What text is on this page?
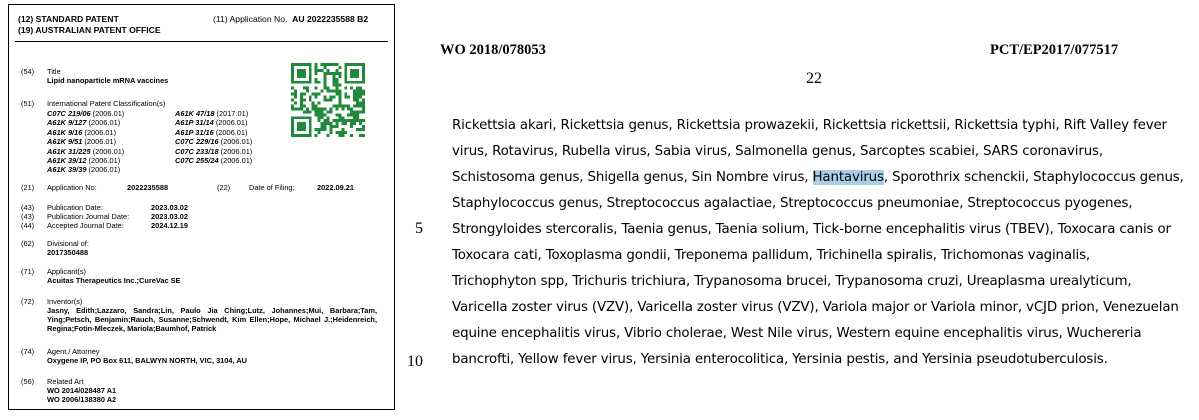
(12) STANDARD PATENT
(19) AUSTRALIAN PATENT OFFICE
(11) Application No. AU 2022235588 B2
(54) Title
Lipid nanoparticle mRNA vaccines
(51) International Patent Classification(s)
C07C 219/06 (2006.01)	A61K 47/18 (2017.01)
A61K 9/127 (2006.01)	A61P 31/14 (2006.01)
A61K 9/16 (2006.01)	A61P 31/16 (2006.01)
A61K 9/51 (2006.01)	C07C 229/16 (2006.01)
A61K 31/225 (2006.01)	C07C 233/18 (2006.01)
A61K 39/12 (2006.01)	C07C 255/24 (2006.01)
A61K 39/39 (2006.01)
(21) Application No:	2022235588	(22)	Date of Filing:	2022.09.21
(43) Publication Date:	2023.03.02
(43) Publication Journal Date:	2023.03.02
(44) Accepted Journal Date:	2024.12.19
(62) Divisional of:
2017350488
(71) Applicant(s)
Acuitas Therapeutics Inc.;CureVac SE
(72) Inventor(s)
Jasny, Edith;Lazzaro, Sandra;Lin, Paulo Jia Ching;Lutz, Johannes;Mui, Barbara;Tam, Ying;Petsch, Benjamin;Rauch, Susanne;Schwendt, Kim Ellen;Hope, Michael J.;Heidenreich, Regina;Fotin-Mleczek, Mariola;Baumhof, Patrick
(74) Agent / Attorney
Oxygene IP, PO Box 611, BALWYN NORTH, VIC, 3104, AU
(56) Related Art
WO 2014/028487 A1
WO 2006/138380 A2
WO 2018/078053	PCT/EP2017/077517
22
5
10
Rickettsia akari, Rickettsia genus, Rickettsia prowazekii, Rickettsia rickettsii, Rickettsia typhi, Rift Valley fever
virus, Rotavirus, Rubella virus, Sabia virus, Salmonella genus, Sarcoptes scabiei, SARS coronavirus,
Schistosoma genus, Shigella genus, Sin Nombre virus, Hantavirus, Sporothrix schenckii, Staphylococcus genus,
Staphylococcus genus, Streptococcus agalactiae, Streptococcus pneumoniae, Streptococcus pyogenes,
Strongyloides stercoralis, Taenia genus, Taenia solium, Tick-borne encephalitis virus (TBEV), Toxocara canis or
Toxocara cati, Toxoplasma gondii, Treponema pallidum, Trichinella spiralis, Trichomonas vaginalis,
Trichophyton spp, Trichuris trichiura, Trypanosoma brucei, Trypanosoma cruzi, Ureaplasma urealyticum,
Varicella zoster virus (VZV), Varicella zoster virus (VZV), Variola major or Variola minor, vCJD prion, Venezuelan
equine encephalitis virus, Vibrio cholerae, West Nile virus, Western equine encephalitis virus, Wuchereria
bancrofti, Yellow fever virus, Yersinia enterocolitica, Yersinia pestis, and Yersinia pseudotuberculosis.
